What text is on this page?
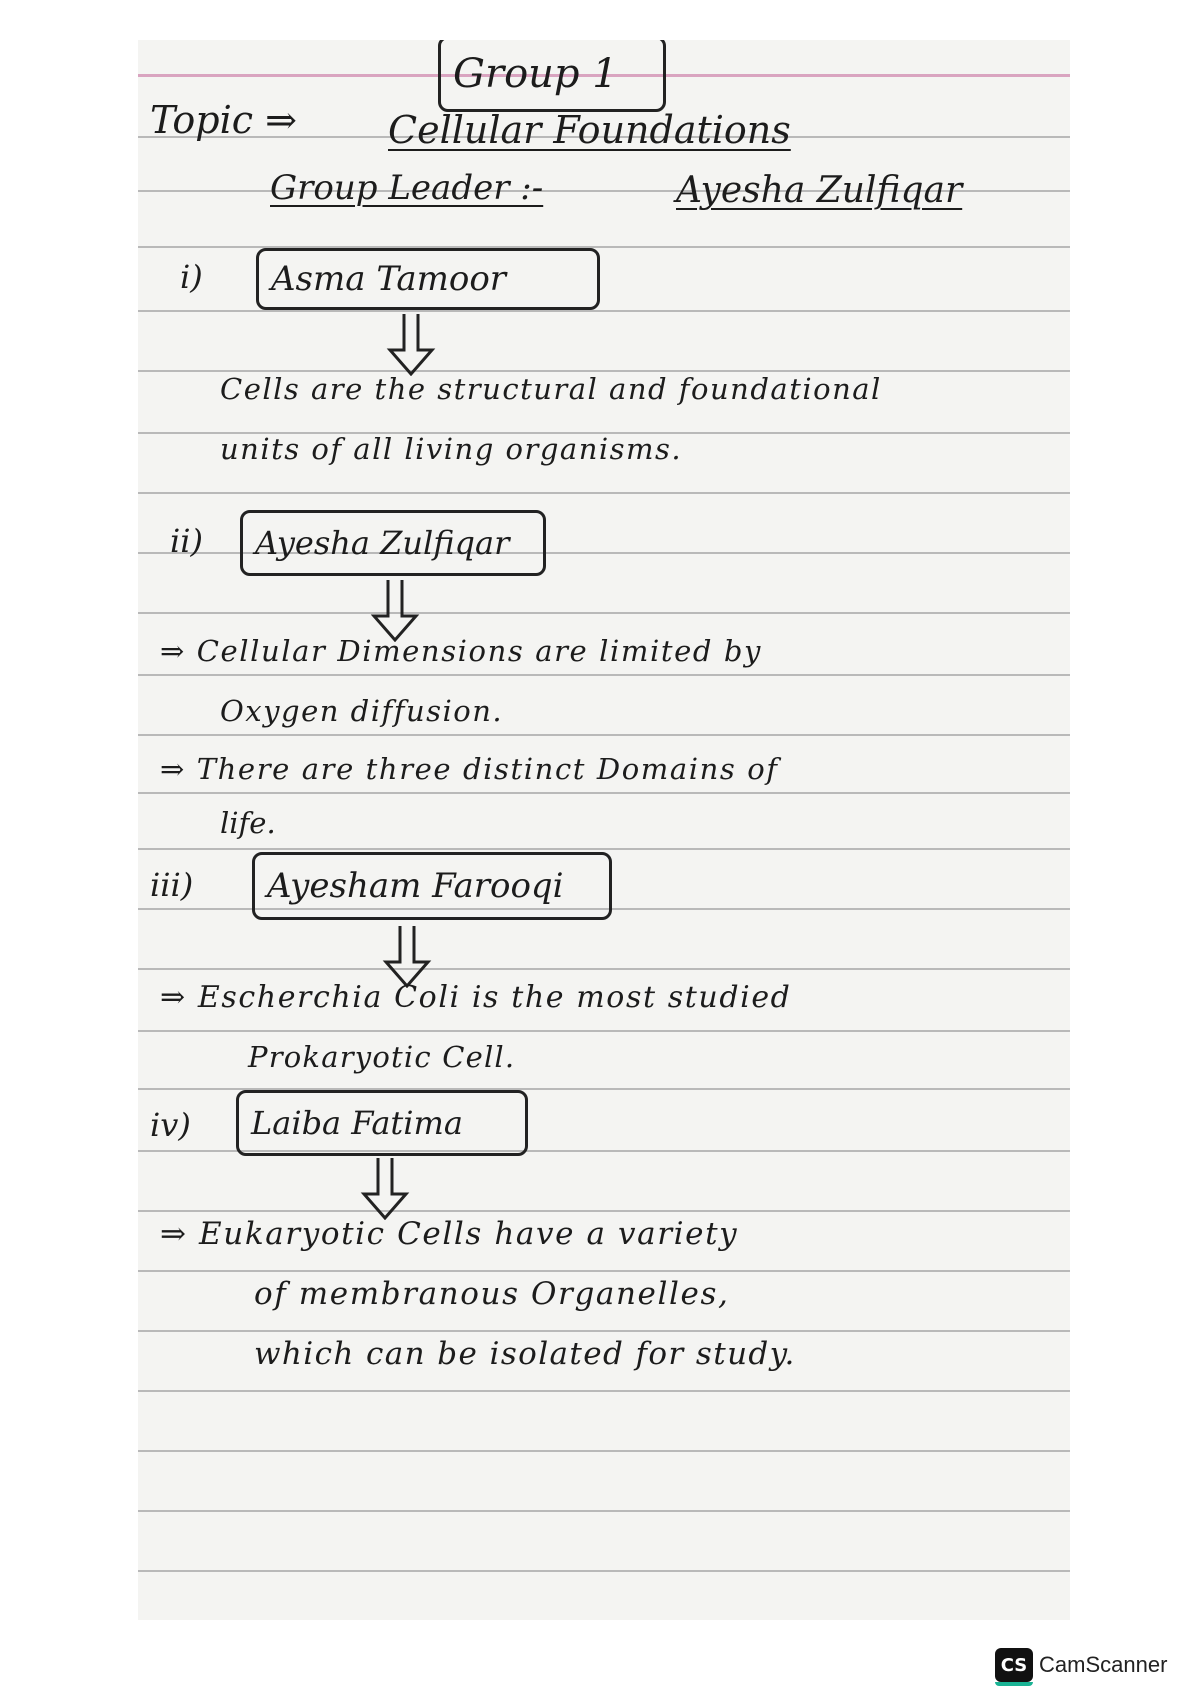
Group 1
Topic ⇒ Cellular Foundations
Group Leader :-	Ayesha Zulfiqar
i) Asma Tamoor
Cells are the structural and foundational
units of all living organisms.
ii) Ayesha Zulfiqar
⇒ Cellular Dimensions are limited by
Oxygen diffusion.
⇒ There are three distinct Domains of
life.
iii) Ayesham Farooqi
⇒ Escherchia Coli is the most studied
Prokaryotic Cell.
iv) Laiba Fatima
⇒ Eukaryotic Cells have a variety
of membranous Organelles,
which can be isolated for study.
CS CamScanner
